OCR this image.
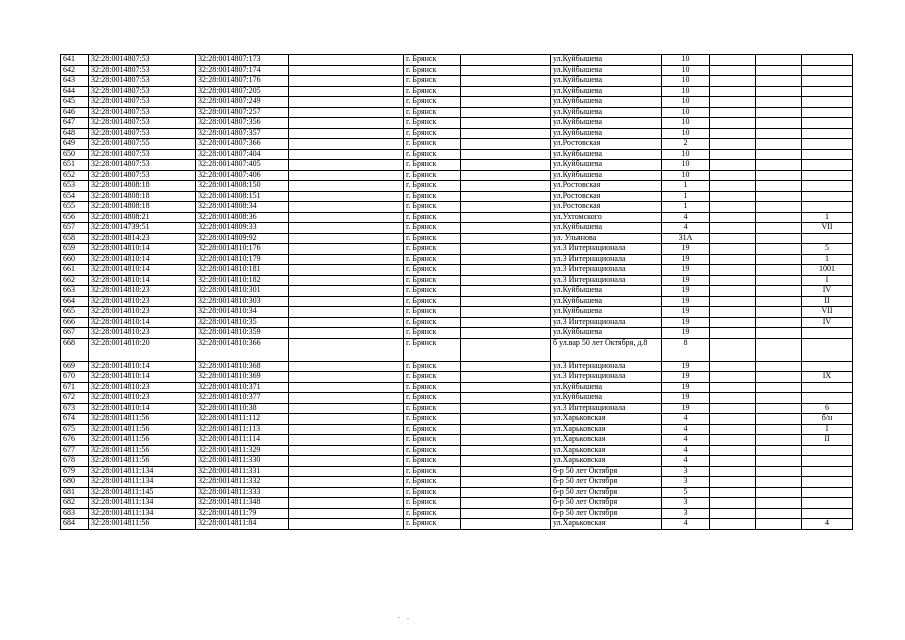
641	32:28:0014807:53	32:28:0014807:173		г. Брянск		ул.Куйбышева	10			
642	32:28:0014807:53	32:28:0014807:174		г. Брянск		ул.Куйбышева	10			
643	32:28:0014807:53	32:28:0014807:176		г. Брянск		ул.Куйбышева	10			
644	32:28:0014807:53	32:28:0014807:205		г. Брянск		ул.Куйбышева	10			
645	32:28:0014807:53	32:28:0014807:249		г. Брянск		ул.Куйбышева	10			
646	32:28:0014807:53	32:28:0014807:257		г. Брянск		ул.Куйбышева	10			
647	32:28:0014807:53	32:28:0014807:356		г. Брянск		ул.Куйбышева	10			
648	32:28:0014807:53	32:28:0014807:357		г. Брянск		ул.Куйбышева	10			
649	32:28:0014807:55	32:28:0014807:366		г. Брянск		ул.Ростовская	2			
650	32:28:0014807:53	32:28:0014807:404		г. Брянск		ул.Куйбышева	10			
651	32:28:0014807:53	32:28:0014807:405		г. Брянск		ул.Куйбышева	10			
652	32:28:0014807:53	32:28:0014807:406		г. Брянск		ул.Куйбышева	10			
653	32:28:0014808:18	32:28:0014808:150		г. Брянск		ул.Ростовская	1			
654	32:28:0014808:18	32:28:0014808:151		г. Брянск		ул.Ростовская	1			
655	32:28:0014808:18	32:28:0014808:34		г. Брянск		ул.Ростовская	1			
656	32:28:0014808:21	32:28:0014808:36		г. Брянск		ул.Ухтомского	4			1
657	32:28:0014739:51	32:28:0014809:33		г. Брянск		ул.Куйбышева	4			VII
658	32:28:0014814:23	32:28:0014809:92		г. Брянск		ул. Ульянова	31А			
659	32:28:0014810:14	32:28:0014810:176		г. Брянск		ул.3 Интернационала	19			5
660	32:28:0014810:14	32:28:0014810:179		г. Брянск		ул.3 Интернационала	19			1
661	32:28:0014810:14	32:28:0014810:181		г. Брянск		ул.3 Интернационала	19			1001
662	32:28:0014810:14	32:28:0014810:182		г. Брянск		ул.3 Интернационала	19			I
663	32:28:0014810:23	32:28:0014810:301		г. Брянск		ул.Куйбышева	19			IV
664	32:28:0014810:23	32:28:0014810:303		г. Брянск		ул.Куйбышева	19			II
665	32:28:0014810:23	32:28:0014810:34		г. Брянск		ул.Куйбышева	19			VII
666	32:28:0014810:14	32:28:0014810:35		г. Брянск		ул.3 Интернационала	19			IV
667	32:28:0014810:23	32:28:0014810:359		г. Брянск		ул.Куйбышева	19			
668	32:28:0014810:20	32:28:0014810:366		г. Брянск		б ул.вар 50 лет Октября, д.8	8			
669	32:28:0014810:14	32:28:0014810:368		г. Брянск		ул.3 Интернационала	19			
670	32:28:0014810:14	32:28:0014810:369		г. Брянск		ул.3 Интернационала	19			IX
671	32:28:0014810:23	32:28:0014810:371		г. Брянск		ул.Куйбышева	19			
672	32:28:0014810:23	32:28:0014810:377		г. Брянск		ул.Куйбышева	19			
673	32:28:0014810:14	32:28:0014810:38		г. Брянск		ул.3 Интернационала	19			6
674	32:28:0014811:56	32:28:0014811:112		г. Брянск		ул.Харьковская	4			б/н
675	32:28:0014811:56	32:28:0014811:113		г. Брянск		ул.Харьковская	4			I
676	32:28:0014811:56	32:28:0014811:114		г. Брянск		ул.Харьковская	4			II
677	32:28:0014811:56	32:28:0014811:329		г. Брянск		ул.Харьковская	4			
678	32:28:0014811:56	32:28:0014811:330		г. Брянск		ул.Харьковская	4			
679	32:28:0014811:134	32:28:0014811:331		г. Брянск		б-р 50 лет Октября	3			
680	32:28:0014811:134	32:28:0014811:332		г. Брянск		б-р 50 лет Октября	3			
681	32:28:0014811:145	32:28:0014811:333		г. Брянск		б-р 50 лет Октября	5			
682	32:28:0014811:134	32:28:0014811:348		г. Брянск		б-р 50 лет Октября	3			
683	32:28:0014811:134	32:28:0014811:79		г. Брянск		б-р 50 лет Октября	3			
684	32:28:0014811:56	32:28:0014811:84		г. Брянск		ул.Харьковская	4			4
